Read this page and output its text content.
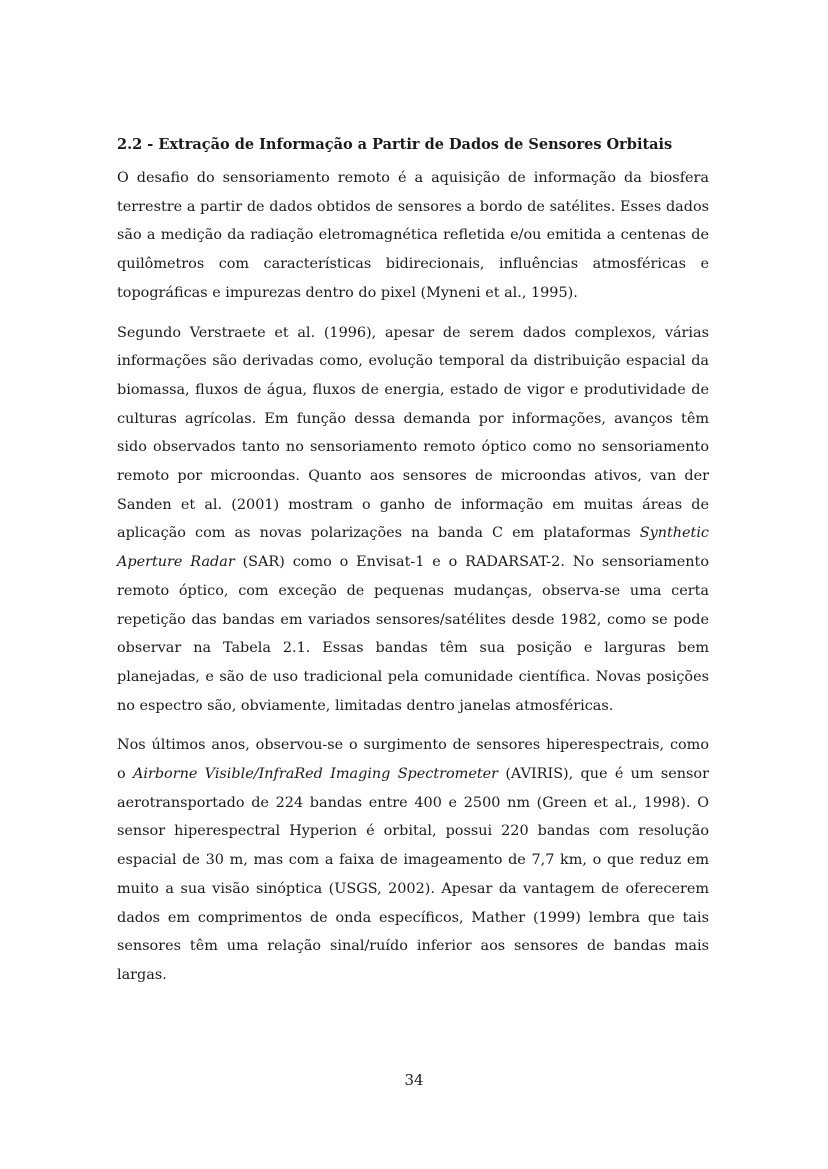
2.2 - Extração de Informação a Partir de Dados de Sensores Orbitais

O desafio do sensoriamento remoto é a aquisição de informação da biosfera terrestre a partir de dados obtidos de sensores a bordo de satélites. Esses dados são a medição da radiação eletromagnética refletida e/ou emitida a centenas de quilômetros com características bidirecionais, influências atmosféricas e topográficas e impurezas dentro do pixel (Myneni et al., 1995).

Segundo Verstraete et al. (1996), apesar de serem dados complexos, várias informações são derivadas como, evolução temporal da distribuição espacial da biomassa, fluxos de água, fluxos de energia, estado de vigor e produtividade de culturas agrícolas. Em função dessa demanda por informações, avanços têm sido observados tanto no sensoriamento remoto óptico como no sensoriamento remoto por microondas. Quanto aos sensores de microondas ativos, van der Sanden et al. (2001) mostram o ganho de informação em muitas áreas de aplicação com as novas polarizações na banda C em plataformas Synthetic Aperture Radar (SAR) como o Envisat-1 e o RADARSAT-2. No sensoriamento remoto óptico, com exceção de pequenas mudanças, observa-se uma certa repetição das bandas em variados sensores/satélites desde 1982, como se pode observar na Tabela 2.1. Essas bandas têm sua posição e larguras bem planejadas, e são de uso tradicional pela comunidade científica. Novas posições no espectro são, obviamente, limitadas dentro janelas atmosféricas.

Nos últimos anos, observou-se o surgimento de sensores hiperespectrais, como o Airborne Visible/InfraRed Imaging Spectrometer (AVIRIS), que é um sensor aerotransportado de 224 bandas entre 400 e 2500 nm (Green et al., 1998). O sensor hiperespectral Hyperion é orbital, possui 220 bandas com resolução espacial de 30 m, mas com a faixa de imageamento de 7,7 km, o que reduz em muito a sua visão sinóptica (USGS, 2002). Apesar da vantagem de oferecerem dados em comprimentos de onda específicos, Mather (1999) lembra que tais sensores têm uma relação sinal/ruído inferior aos sensores de bandas mais largas.

34
